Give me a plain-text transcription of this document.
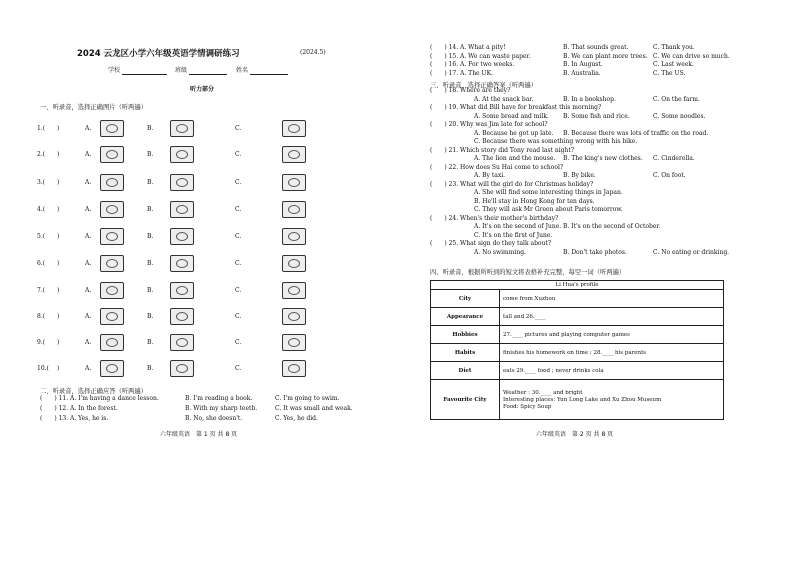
2024 云龙区小学六年级英语学情调研练习	(2024.5)
学校	班级	姓名
听力部分
一、听录音，选择正确图片（听两遍）
1.( )	A.	B.	C.
2.( )	A.	B.	C.
3.( )	A.	B.	C.
4.( )	A.	B.	C.
5.( )	A.	B.	C.
6.( )	A.	B.	C.
7.( )	A.	B.	C.
8.( )	A.	B.	C.
9.( )	A.	B.	C.
10.( )	A.	B.	C.
二、听录音，选择正确应答（听两遍）
(　　) 11. A. I'm having a dance lesson.	B. I'm reading a book.	C. I'm going to swim.
(　　) 12. A. In the forest.	B. With my sharp teeth.	C. It was small and weak.
(　　) 13. A. Yes, he is.	B. No, she doesn't.	C. Yes, he did.
六年级英语　第 1 页 共 8 页
(　　) 14. A. What a pity!	B. That sounds great.	C. Thank you.
(　　) 15. A. We can waste paper.	B. We can plant more trees. C. We can drive so much.
(　　) 16. A. For two weeks.	B. In August.	C. Last week.
(　　) 17. A. The UK.	B. Australia.	C. The US.
三、听录音，选择正确答案（听两遍）
(　　) 18. Where are they?
A. At the snack bar.	B. In a bookshop.	C. On the farm.
(　　) 19. What did Bill have for breakfast this morning?
A. Some bread and milk. B. Some fish and rice.	C. Some noodles.
(　　) 20. Why was Jim late for school?
A. Because he got up late. B. Because there was lots of traffic on the road.
C. Because there was something wrong with his bike.
(　　) 21. Which story did Tony read last night?
A. The lion and the mouse. B. The king's new clothes. C. Cinderella.
(　　) 22. How does Su Hai come to school?
A. By taxi.	B. By bike.	C. On foot.
(　　) 23. What will the girl do for Christmas holiday?
A. She will find some interesting things in Japan.
B. He'll stay in Hong Kong for ten days.
C. They will ask Mr Green about Paris tomorrow.
(　　) 24. When's their mother's birthday?
A. It's on the second of June. B. It's on the second of October.
C. It's on the first of June.
(　　) 25. What sign do they talk about?
A. No swimming.	B. Don't take photos.	C. No eating or drinking.
四、听录音，根据所听到的短文将表格补充完整，每空一词（听两遍）
Li Hua's profile	
City	come from Xuzhou

Appearance	tall and 26.____

Hobbies	27.____ pictures and playing computer games

Habits	finishes his homework on time ; 28.____ his parents

Diet	eats 29.____ food ; never drinks cola

Favourite City	Weather : 30.____ and bright
Interesting places: Yun Long Lake and Xu Zhou Museum
Food: Spicy Soup
六年级英语　第 2 页 共 8 页
